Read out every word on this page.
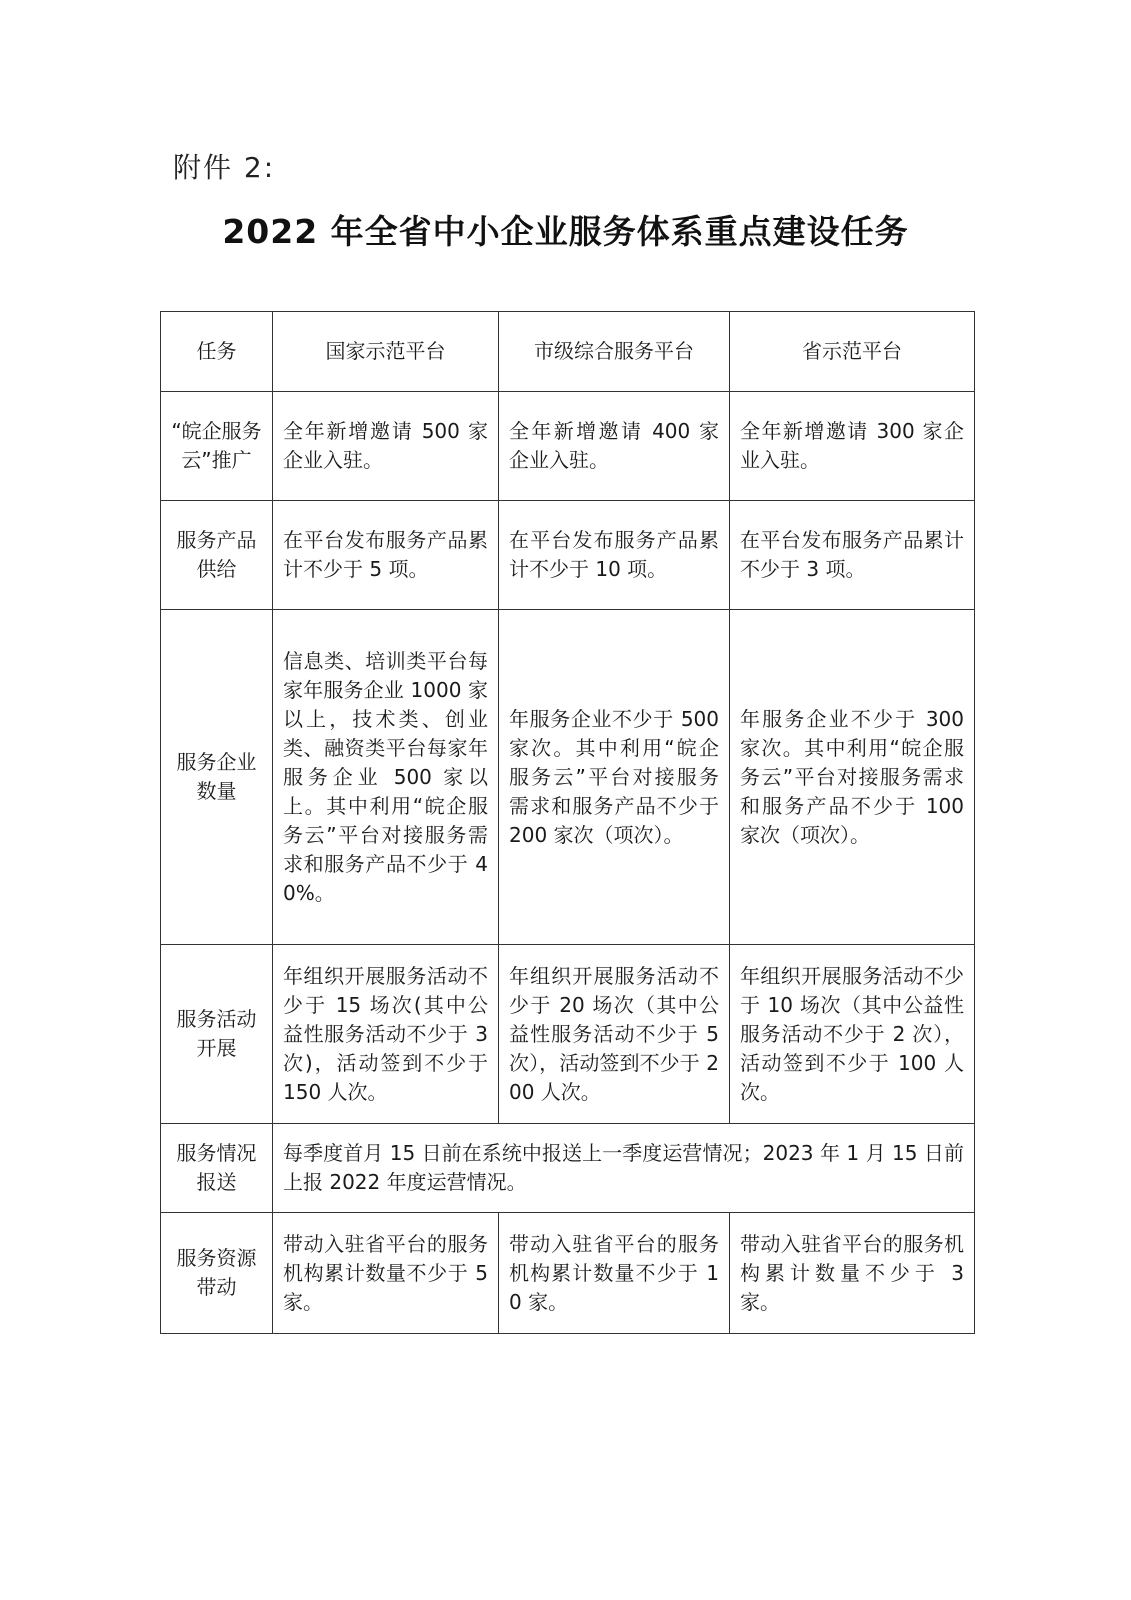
附件 2:
2022 年全省中小企业服务体系重点建设任务
任务	国家示范平台	市级综合服务平台	省示范平台
“皖企服务云”推广	全年新增邀请 500 家企业入驻。	全年新增邀请 400 家企业入驻。	全年新增邀请 300 家企业入驻。
服务产品供给	在平台发布服务产品累计不少于 5 项。	在平台发布服务产品累计不少于 10 项。	在平台发布服务产品累计不少于 3 项。
服务企业数量	信息类、培训类平台每家年服务企业 1000 家以上，技术类、创业类、融资类平台每家年服务企业 500 家以上。其中利用“皖企服务云”平台对接服务需求和服务产品不少于 40%。	年服务企业不少于 500 家次。其中利用“皖企服务云”平台对接服务需求和服务产品不少于 200 家次（项次）。	年服务企业不少于 300 家次。其中利用“皖企服务云”平台对接服务需求和服务产品不少于 100 家次（项次）。
服务活动开展	年组织开展服务活动不少于 15 场次(其中公益性服务活动不少于 3 次)，活动签到不少于 150 人次。	年组织开展服务活动不少于 20 场次（其中公益性服务活动不少于 5 次），活动签到不少于 200 人次。	年组织开展服务活动不少于 10 场次（其中公益性服务活动不少于 2 次），活动签到不少于 100 人次。
服务情况报送	每季度首月 15 日前在系统中报送上一季度运营情况；2023 年 1 月 15 日前上报 2022 年度运营情况。		
服务资源带动	带动入驻省平台的服务机构累计数量不少于 5 家。	带动入驻省平台的服务机构累计数量不少于 10 家。	带动入驻省平台的服务机构累计数量不少于 3 家。
